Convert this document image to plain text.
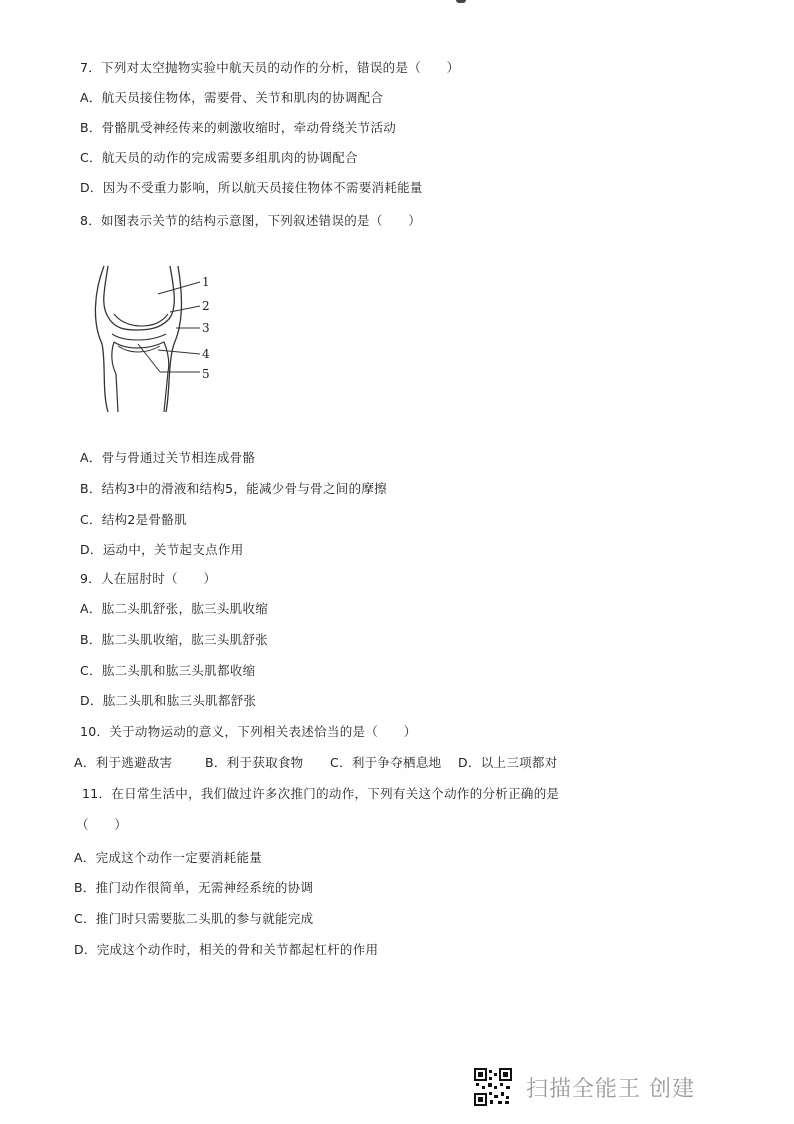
7．下列对太空抛物实验中航天员的动作的分析，错误的是（　　）
A．航天员接住物体，需要骨、关节和肌肉的协调配合
B．骨骼肌受神经传来的刺激收缩时，牵动骨绕关节活动
C．航天员的动作的完成需要多组肌肉的协调配合
D．因为不受重力影响，所以航天员接住物体不需要消耗能量
8．如图表示关节的结构示意图，下列叙述错误的是（　　）
1
2
3
4
5
A．骨与骨通过关节相连成骨骼
B．结构3中的滑液和结构5，能减少骨与骨之间的摩擦
C．结构2是骨骼肌
D．运动中，关节起支点作用
9．人在屈肘时（　　）
A．肱二头肌舒张，肱三头肌收缩
B．肱二头肌收缩，肱三头肌舒张
C．肱二头肌和肱三头肌都收缩
D．肱二头肌和肱三头肌都舒张
10．关于动物运动的意义，下列相关表述恰当的是（　　）
A．利于逃避敌害	B．利于获取食物 C．利于争夺栖息地 D．以上三项都对
11．在日常生活中，我们做过许多次推门的动作，下列有关这个动作的分析正确的是
（　　）
A．完成这个动作一定要消耗能量
B．推门动作很简单，无需神经系统的协调
C．推门时只需要肱二头肌的参与就能完成
D．完成这个动作时，相关的骨和关节都起杠杆的作用
扫描全能王 创建
